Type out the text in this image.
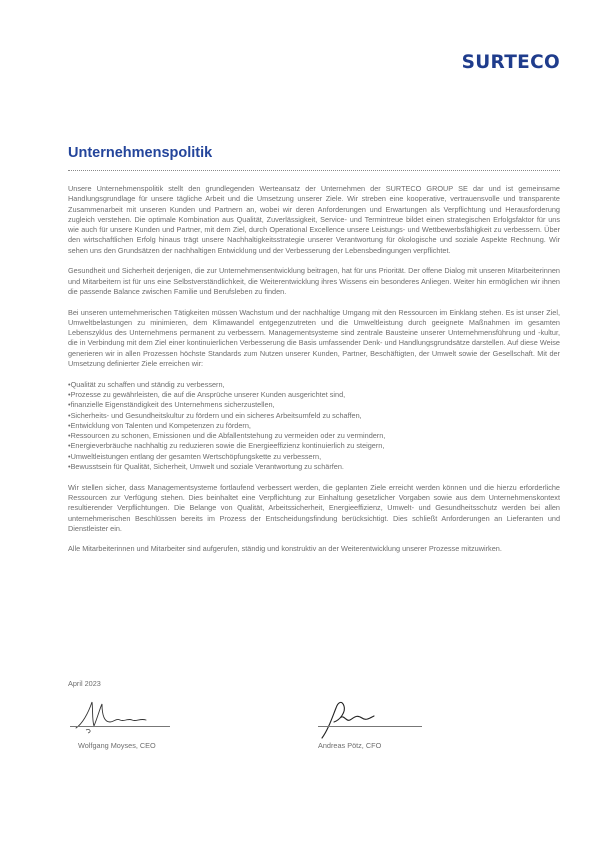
SURTECO
Unternehmenspolitik

Unsere Unternehmenspolitik stellt den grundlegenden Werteansatz der Unternehmen der SURTECO GROUP SE dar und ist gemeinsame Handlungsgrundlage für unsere tägliche Arbeit und die Umsetzung unserer Ziele. Wir streben eine kooperative, vertrauensvolle und transparente Zusammenarbeit mit unseren Kunden und Partnern an, wobei wir deren Anforderungen und Erwartungen als Verpflichtung und Herausforderung zugleich verstehen. Die optimale Kombination aus Qualität, Zuverlässigkeit, Service- und Termintreue bildet einen strategischen Erfolgsfaktor für uns wie auch für unsere Kunden und Partner, mit dem Ziel, durch Operational Excellence unsere Leistungs- und Wettbewerbsfähigkeit zu verbessern. Über den wirtschaftlichen Erfolg hinaus trägt unsere Nachhaltigkeitsstrategie unserer Verantwortung für ökologische und soziale Aspekte Rechnung. Wir sehen uns den Grundsätzen der nachhaltigen Entwicklung und der Verbesserung der Lebensbedingungen verpflichtet.

Gesundheit und Sicherheit derjenigen, die zur Unternehmensentwicklung beitragen, hat für uns Priorität. Der offene Dialog mit unseren Mitarbeiterinnen und Mitarbeitern ist für uns eine Selbstverständlichkeit, die Weiterentwicklung ihres Wissens ein besonderes Anliegen. Weiter hin ermöglichen wir ihnen die passende Balance zwischen Familie und Berufsleben zu finden.

Bei unseren unternehmerischen Tätigkeiten müssen Wachstum und der nachhaltige Umgang mit den Ressourcen im Einklang stehen. Es ist unser Ziel, Umweltbelastungen zu minimieren, dem Klimawandel entgegenzutreten und die Umweltleistung durch geeignete Maßnahmen im gesamten Lebenszyklus des Unternehmens permanent zu verbessern. Managementsysteme sind zentrale Bausteine unserer Unternehmensführung und -kultur, die in Verbindung mit dem Ziel einer kontinuierlichen Verbesserung die Basis umfassender Denk- und Handlungsgrundsätze darstellen. Auf diese Weise generieren wir in allen Prozessen höchste Standards zum Nutzen unserer Kunden, Partner, Beschäftigten, der Umwelt sowie der Gesellschaft. Mit der Umsetzung definierter Ziele erreichen wir:

• Qualität zu schaffen und ständig zu verbessern,
• Prozesse zu gewährleisten, die auf die Ansprüche unserer Kunden ausgerichtet sind,
• finanzielle Eigenständigkeit des Unternehmens sicherzustellen,
• Sicherheits- und Gesundheitskultur zu fördern und ein sicheres Arbeitsumfeld zu schaffen,
• Entwicklung von Talenten und Kompetenzen zu fördern,
• Ressourcen zu schonen, Emissionen und die Abfallentstehung zu vermeiden oder zu vermindern,
• Energieverbräuche nachhaltig zu reduzieren sowie die Energieeffizienz kontinuierlich zu steigern,
• Umweltleistungen entlang der gesamten Wertschöpfungskette zu verbessern,
• Bewusstsein für Qualität, Sicherheit, Umwelt und soziale Verantwortung zu schärfen.

Wir stellen sicher, dass Managementsysteme fortlaufend verbessert werden, die geplanten Ziele erreicht werden können und die hierzu erforderliche Ressourcen zur Verfügung stehen. Dies beinhaltet eine Verpflichtung zur Einhaltung gesetzlicher Vorgaben sowie aus dem Unternehmenskontext resultierender Verpflichtungen. Die Belange von Qualität, Arbeitssicherheit, Energieeffizienz, Umwelt- und Gesundheitsschutz werden bei allen unternehmerischen Beschlüssen bereits im Prozess der Entscheidungsfindung berücksichtigt. Dies schließt Anforderungen an Lieferanten und Dienstleister ein.

Alle Mitarbeiterinnen und Mitarbeiter sind aufgerufen, ständig und konstruktiv an der Weiterentwicklung unserer Prozesse mitzuwirken.

April 2023
Wolfgang Moyses, CEO	Andreas Pötz, CFO
